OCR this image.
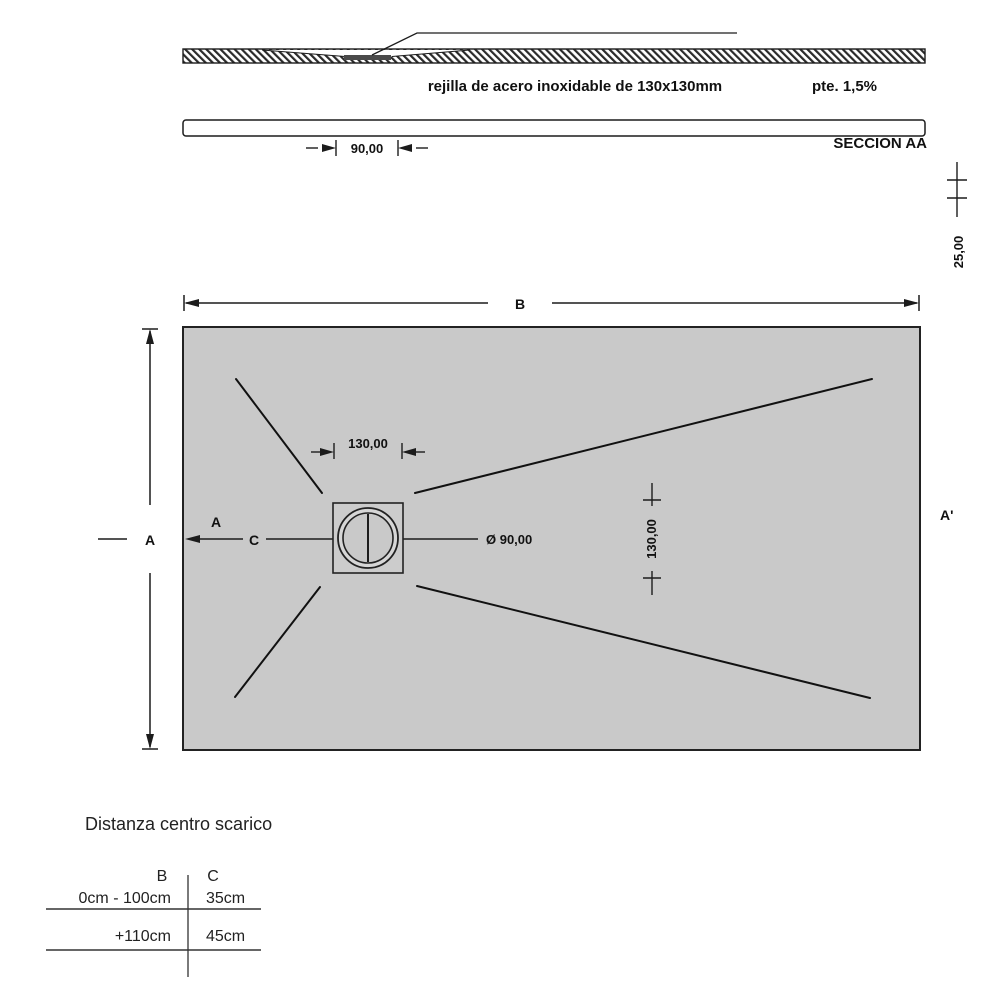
rejilla de acero inoxidable de 130x130mm	pte. 1,5%
SECCION AA
90,00
25,00
B
A
A
C	Ø 90,00
A'
130,00
130,00
Distanza centro scarico
B C
0cm - 100cm 35cm
+110cm 45cm
